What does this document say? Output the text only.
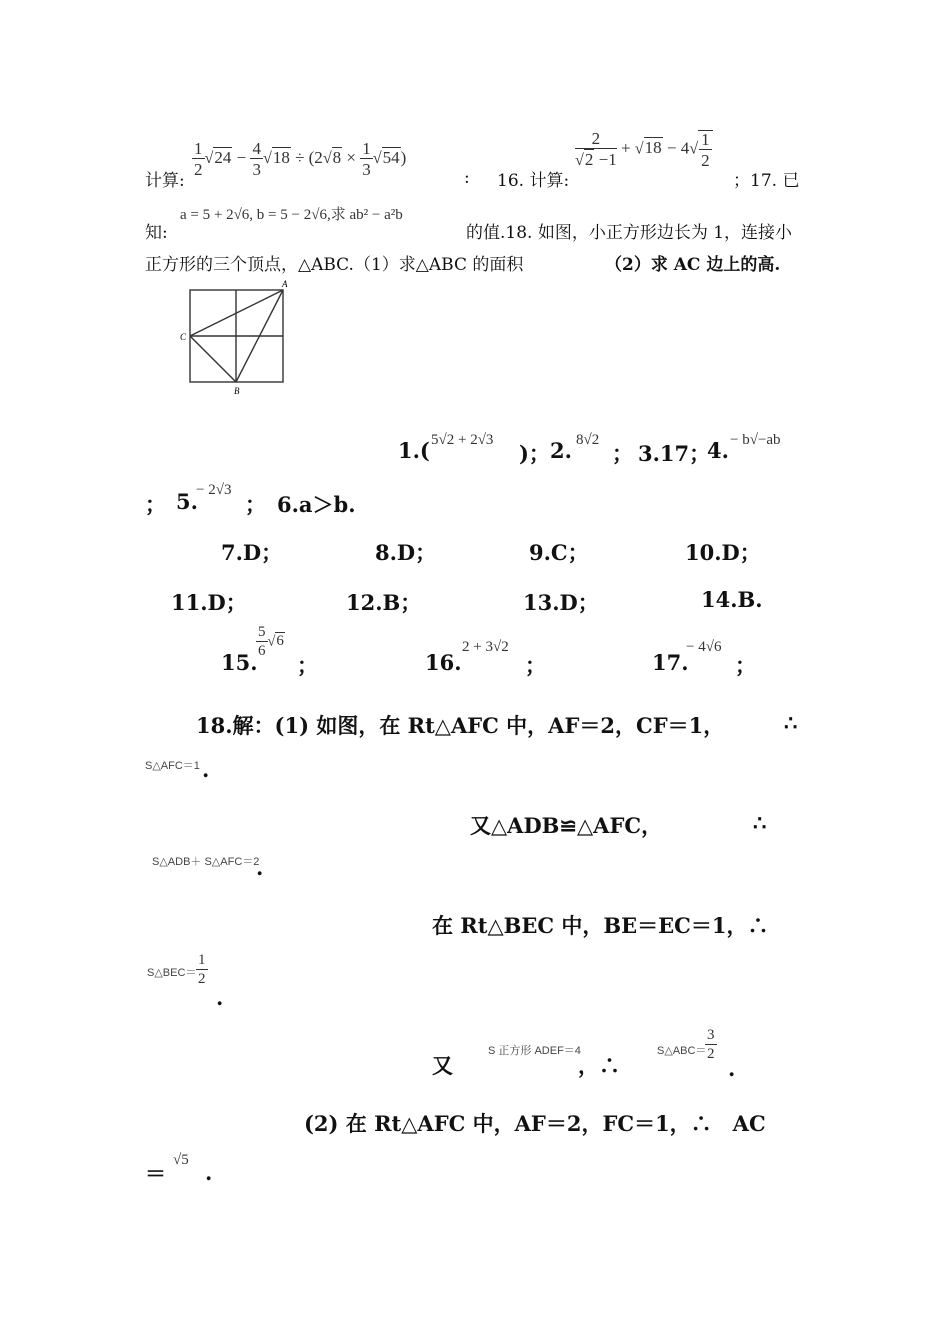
计算:
$\frac{1}{2} √24 - \frac{4}{3} √18 \div (2√8 \times \frac{1}{3} √54)$
: 16. 计算:
$\frac{2}{√2 -1} + √18 - 4√ \frac{1}{2}$
；17. 已
知:
a = 5 + 2√6, b = 5 − 2√6,求 ab² − a²b
的值.18. 如图，小正方形边长为 1，连接小
正方形的三个顶点，△ABC.（1）求△ABC 的面积	（2）求 AC 边上的高.
A
B
C
1.( 5√2 + 2√3
)； 2. 8√2
； 3.17；
4. − b√−ab
； 5.
− 2√3
； 6.a＞b.
7.D；	8.D；	9.C；	10.D；
11.D；	12.B；	13.D；	14.B.
15.
$\frac{5}{6} √6$
；	16.
2 + 3√2
；	17.
− 4√6
；
18.解：(1) 如图，在 Rt△AFC 中，AF＝2，CF＝1，	∴
S△AFC＝1 .
又△ADB≌△AFC，	∴
S△ADB＋ S△AFC＝2
.
在 Rt△BEC 中，BE＝EC＝1，∴
S△BEC＝ $\frac{1}{2}$
.
又
S 正方形 ADEF＝4
，∴
S△ABC＝
$\frac{3}{2}$
.
(2) 在 Rt△AFC 中，AF＝2，FC＝1，∴　AC
＝
√5 .
